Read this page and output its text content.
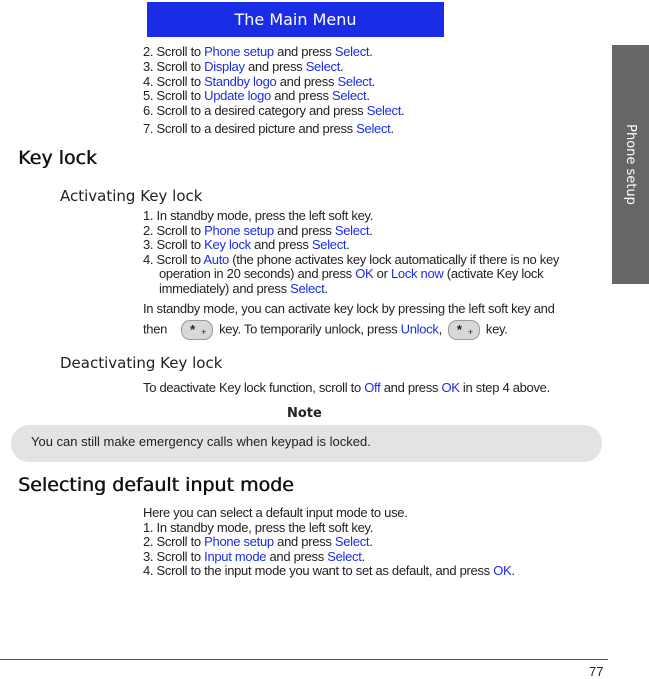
The Main Menu
Phone setup
2. Scroll to Phone setup and press Select.
3. Scroll to Display and press Select.
4. Scroll to Standby logo and press Select.
5. Scroll to Update logo and press Select.
6. Scroll to a desired category and press Select.
7. Scroll to a desired picture and press Select.
Key lock
Activating Key lock
1. In standby mode, press the left soft key.
2. Scroll to Phone setup and press Select.
3. Scroll to Key lock and press Select.
4. Scroll to Auto (the phone activates key lock automatically if there is no key
operation in 20 seconds) and press OK or Lock now (activate Key lock
immediately) and press Select.
In standby mode, you can activate key lock by pressing the left soft key and
then * + key. To temporarily unlock, press Unlock, * + key.
Deactivating Key lock
To deactivate Key lock function, scroll to Off and press OK in step 4 above.
Note
You can still make emergency calls when keypad is locked.
Selecting default input mode
Here you can select a default input mode to use.
1. In standby mode, press the left soft key.
2. Scroll to Phone setup and press Select.
3. Scroll to Input mode and press Select.
4. Scroll to the input mode you want to set as default, and press OK.
77
